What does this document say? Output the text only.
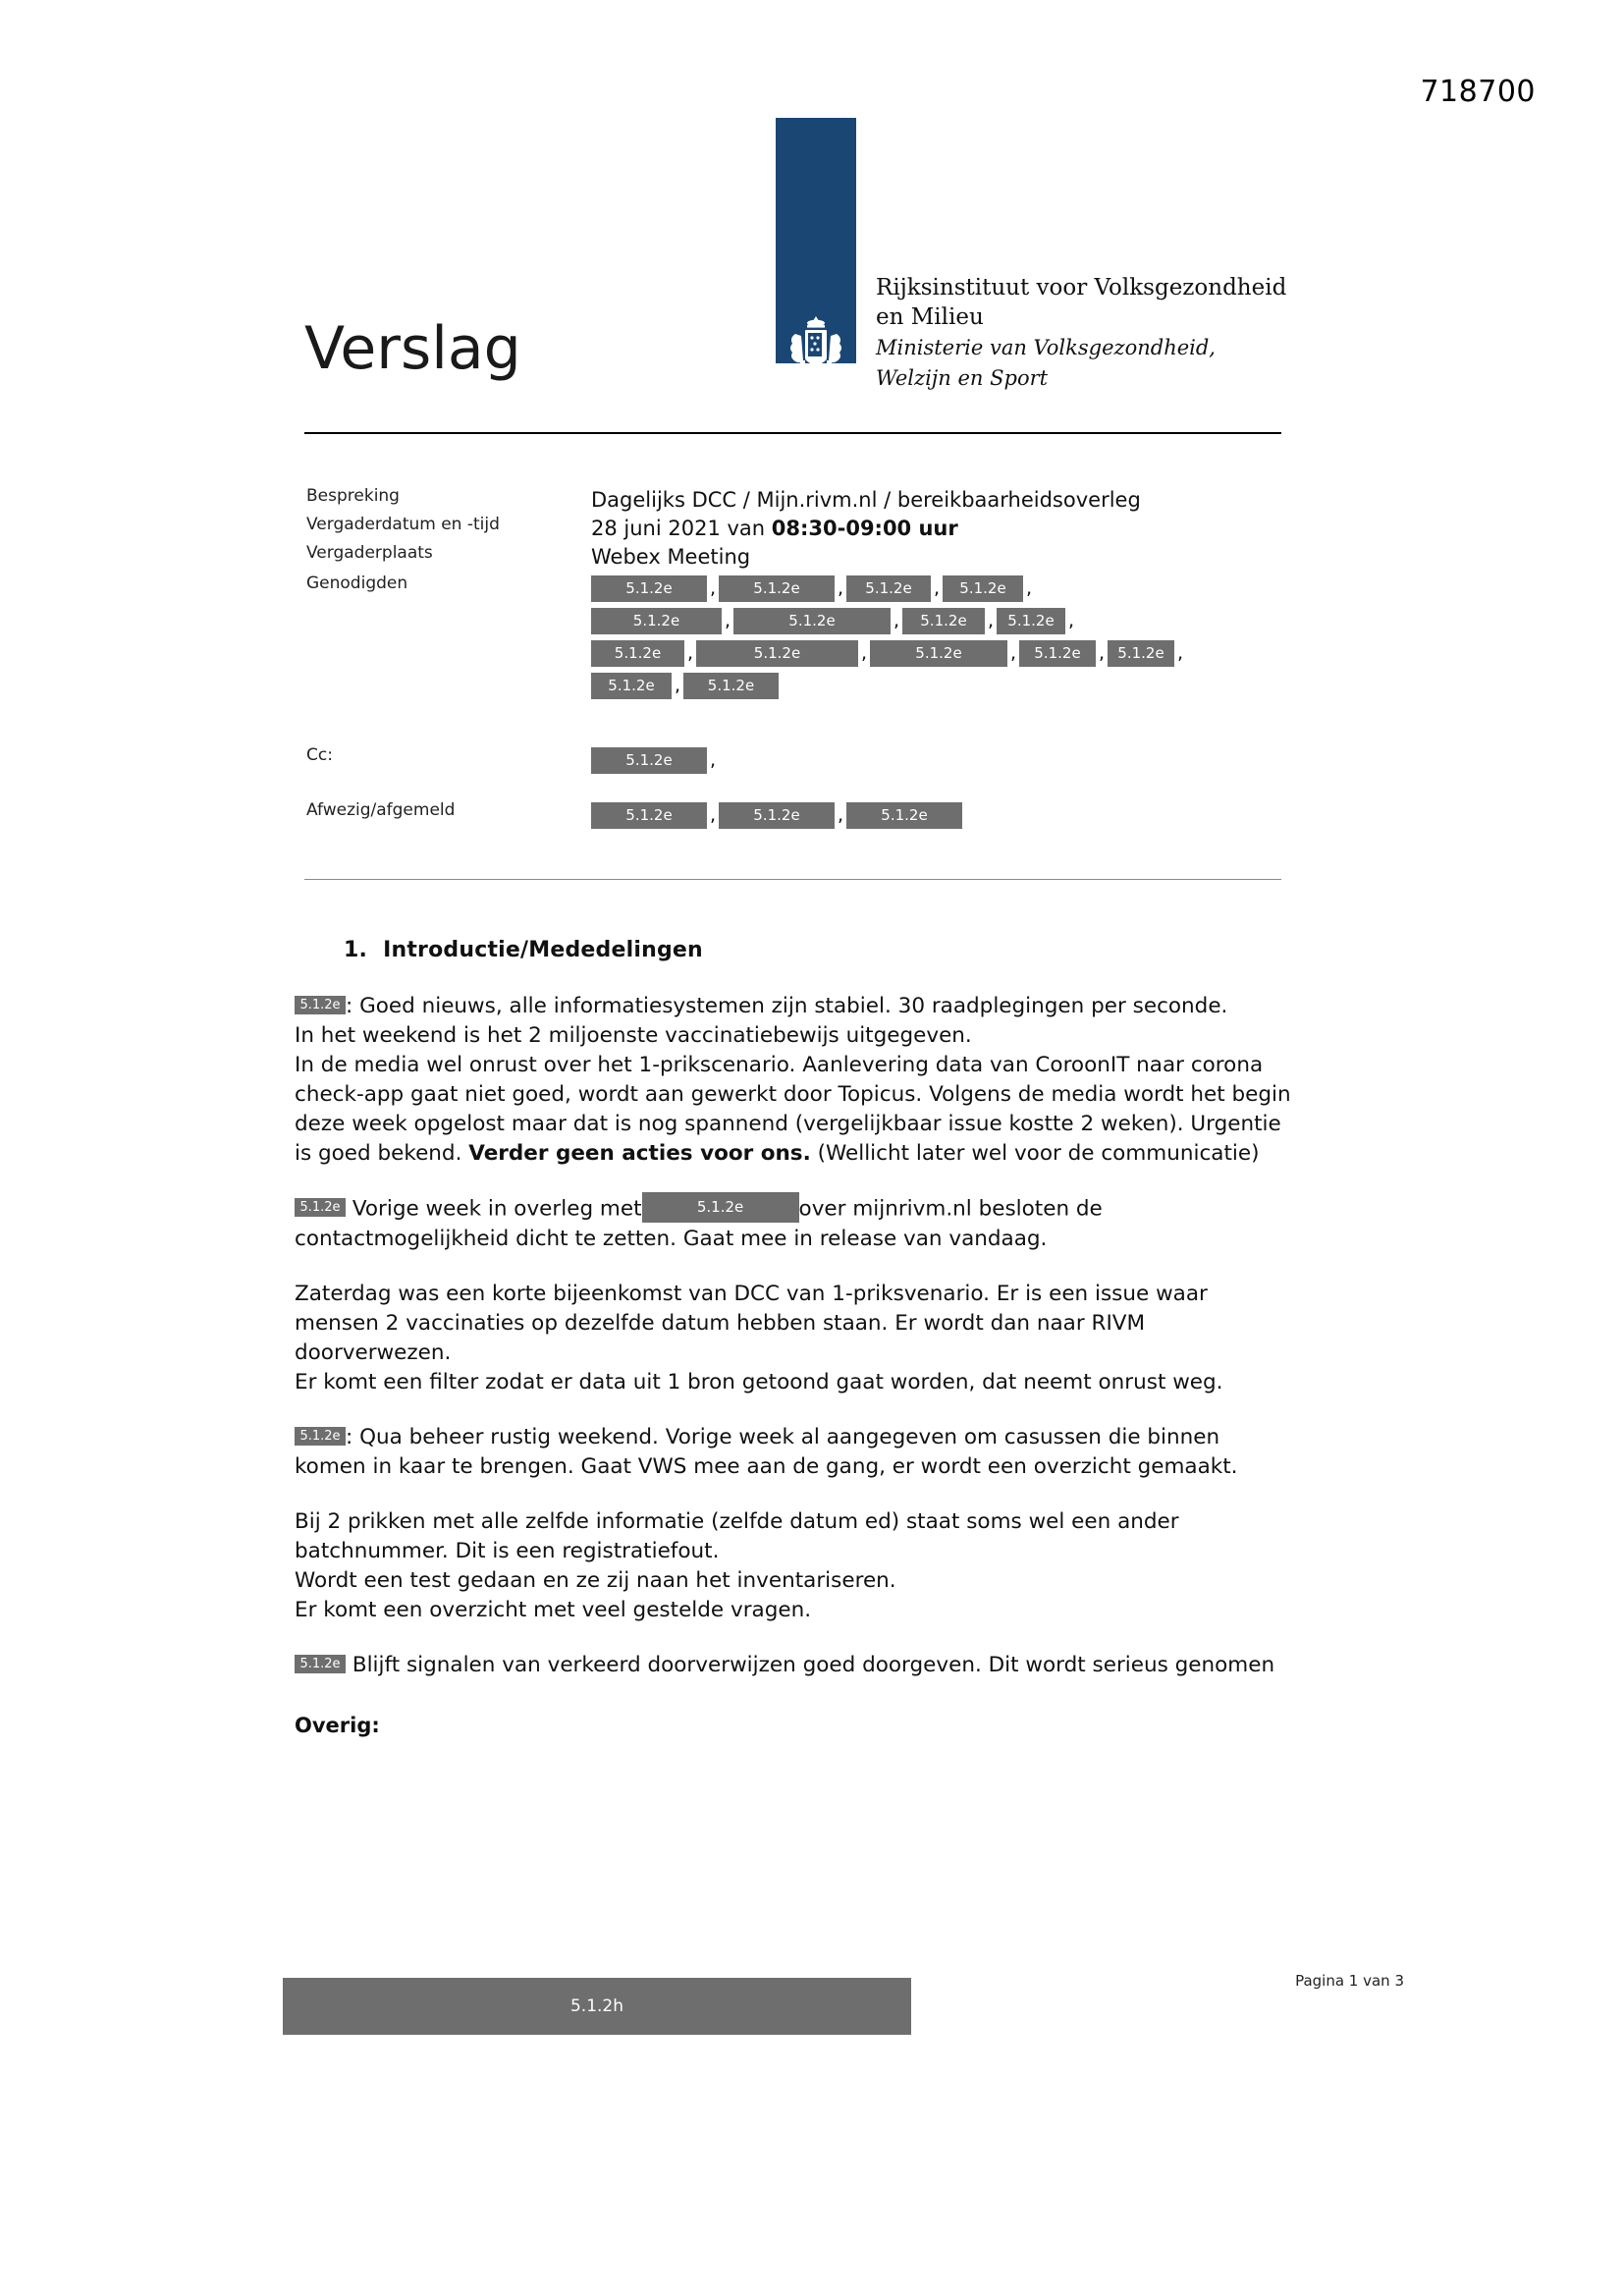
718700
Rijksinstituut voor Volksgezondheid
en Milieu
Ministerie van Volksgezondheid,
Welzijn en Sport
Verslag
Bespreking	Dagelijks DCC / Mijn.rivm.nl / bereikbaarheidsoverleg
Vergaderdatum en -tijd	28 juni 2021 van 08:30-09:00 uur
Vergaderplaats	Webex Meeting
Genodigden	5.1.2e ,	5.1.2e , 5.1.2e , 5.1.2e ,
5.1.2e ,	5.1.2e	, 5.1.2e , 5.1.2e ,
5.1.2e ,	5.1.2e	,	5.1.2e	, 5.1.2e , 5.1.2e ,
5.1.2e , 5.1.2e
Cc:	5.1.2e ,
Afwezig/afgemeld	5.1.2e ,	5.1.2e ,	5.1.2e
1. Introductie/Mededelingen

5.1.2e : Goed nieuws, alle informatiesystemen zijn stabiel. 30 raadplegingen per seconde.
In het weekend is het 2 miljoenste vaccinatiebewijs uitgegeven.
In de media wel onrust over het 1-prikscenario. Aanlevering data van CoroonIT naar corona check-app gaat niet goed, wordt aan gewerkt door Topicus. Volgens de media wordt het begin deze week opgelost maar dat is nog spannend (vergelijkbaar issue kostte 2 weken). Urgentie is goed bekend. Verder geen acties voor ons. (Wellicht later wel voor de communicatie)

5.1.2e Vorige week in overleg met	5.1.2e	over mijnrivm.nl besloten de contactmogelijkheid dicht te zetten. Gaat mee in release van vandaag.

Zaterdag was een korte bijeenkomst van DCC van 1-priksvenario. Er is een issue waar mensen 2 vaccinaties op dezelfde datum hebben staan. Er wordt dan naar RIVM doorverwezen.
Er komt een filter zodat er data uit 1 bron getoond gaat worden, dat neemt onrust weg.

5.1.2e : Qua beheer rustig weekend. Vorige week al aangegeven om casussen die binnen komen in kaar te brengen. Gaat VWS mee aan de gang, er wordt een overzicht gemaakt.

Bij 2 prikken met alle zelfde informatie (zelfde datum ed) staat soms wel een ander batchnummer. Dit is een registratiefout.
Wordt een test gedaan en ze zij naan het inventariseren.
Er komt een overzicht met veel gestelde vragen.

5.1.2e Blijft signalen van verkeerd doorverwijzen goed doorgeven. Dit wordt serieus genomen

Overig:
5.1.2h
Pagina 1 van 3
